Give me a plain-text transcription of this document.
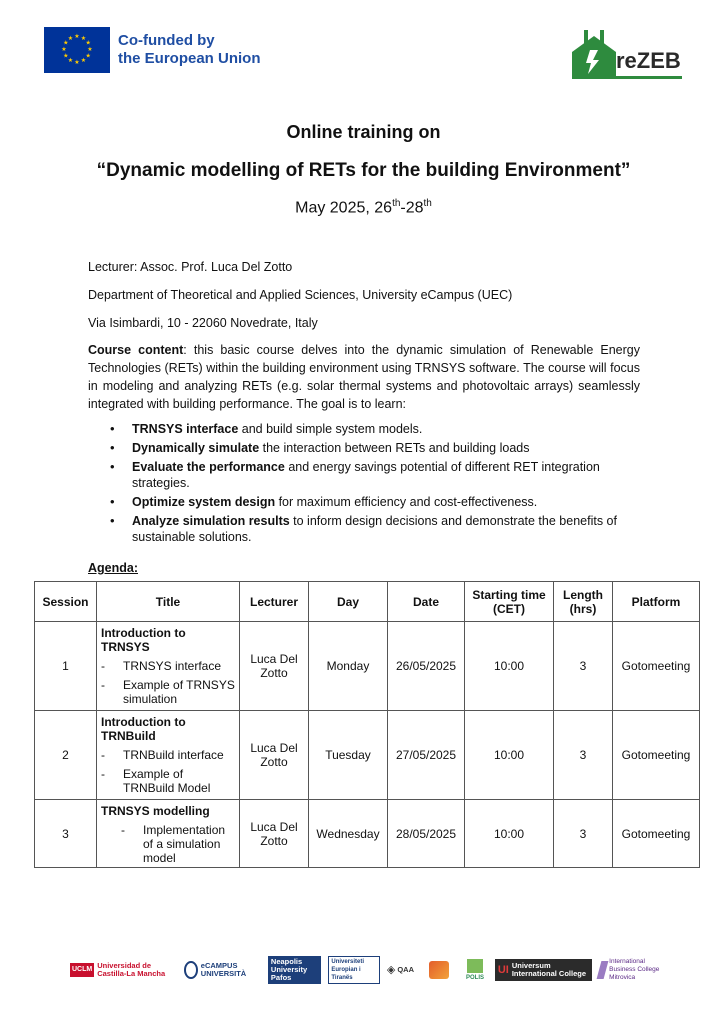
★ ★
★
★
★
★
★
★
★
★
★
★	Co-funded by
the European Union	reZEB
Online training on
“Dynamic modelling of RETs for the building Environment”
May 2025, 26th-28th
Lecturer: Assoc. Prof. Luca Del Zotto
Department of Theoretical and Applied Sciences, University eCampus (UEC)
Via Isimbardi, 10 - 22060 Novedrate, Italy
Course content: this basic course delves into the dynamic simulation of Renewable Energy Technologies (RETs) within the building environment using TRNSYS software. The course will focus in modeling and analyzing RETs (e.g. solar thermal systems and photovoltaic arrays) seamlessly integrated with building performance. The goal is to learn:
• TRNSYS interface and build simple system models.
• Dynamically simulate the interaction between RETs and building loads
• Evaluate the performance and energy savings potential of different RET integration strategies.
• Optimize system design for maximum efficiency and cost-effectiveness.
• Analyze simulation results to inform design decisions and demonstrate the benefits of sustainable solutions.
Agenda:
Session	Title	Lecturer	Day	Date	Starting time (CET)	Length (hrs)	Platform
1	Introduction to TRNSYS
- TRNSYS interface
- Example of TRNSYS simulation	Luca Del Zotto	Monday	26/05/2025	10:00	3	Gotomeeting
2	Introduction to TRNBuild
- TRNBuild interface
- Example of TRNBuild Model	Luca Del Zotto	Tuesday	27/05/2025	10:00	3	Gotomeeting
3	TRNSYS modelling
- Implementation of a simulation model	Luca Del Zotto	Wednesday	28/05/2025	10:00	3	Gotomeeting
UCLM Universidad de Castilla-La Mancha
eCAMPUS UNIVERSITÀ
Neapolis University Pafos
Universiteti Europian i Tiranës
◈ QAA
POLIS
UI Universum International College
International Business College Mitrovica
